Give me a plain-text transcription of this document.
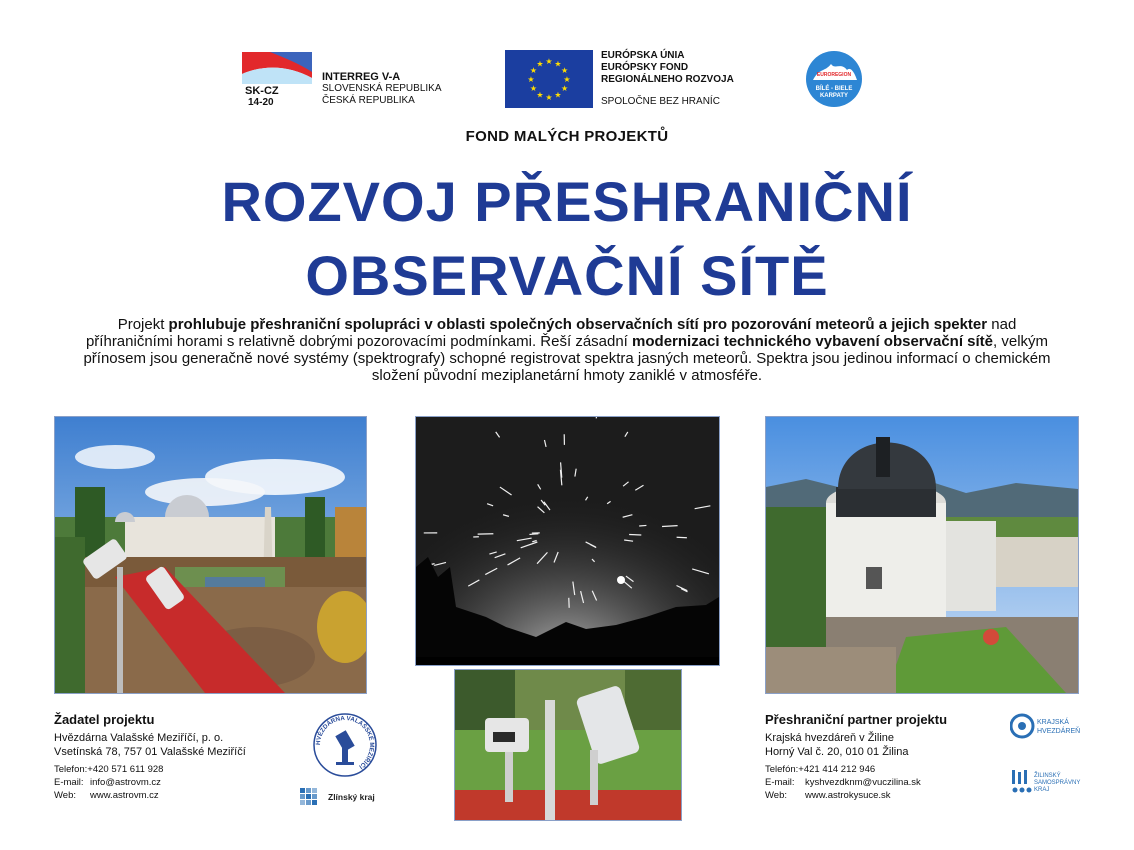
SK-CZ
14-20
INTERREG V-A
SLOVENSKÁ REPUBLIKA
ČESKÁ REPUBLIKA
★ ★
★
★
★
★
★
★
★
★
★
★
EURÓPSKA ÚNIA
EURÓPSKY FOND
REGIONÁLNEHO ROZVOJA
SPOLOČNE BEZ HRANÍC
EUROREGION
BÍLÉ - BIELE
KARPATY
FOND MALÝCH PROJEKTŮ
ROZVOJ PŘESHRANIČNÍ
OBSERVAČNÍ SÍTĚ
Projekt prohlubuje přeshraniční spolupráci v oblasti společných observačních sítí pro pozorování meteorů a jejich spekter nad příhraničními horami s relativně dobrými pozorovacími podmínkami. Řeší zásadní modernizaci technického vybavení observační sítě, velkým přínosem jsou generačně nové systémy (spektrografy) schopné registrovat spektra jasných meteorů. Spektra jsou jedinou informací o chemickém složení původní meziplanetární hmoty zaniklé v atmosféře.
Žadatel projektu
Hvězdárna Valašské Meziříčí, p. o.
Vsetínská 78, 757 01 Valašské Meziříčí
Telefon:+420 571 611 928
E-mail: info@astrovm.cz
Web: www.astrovm.cz
HVĚZDÁRNA VALAŠSKÉ MEZIŘÍČÍ
Zlínský kraj
Přeshraniční partner projektu
Krajská hvezdáreň v Žiline
Horný Val č. 20, 010 01 Žilina
Telefón:+421 414 212 946
E-mail: kyshvezdknm@vuczilina.sk
Web: www.astrokysuce.sk
KRAJSKÁ
HVEZDÁREŇ
ŽILINSKÝ
SAMOSPRÁVNY
KRAJ
